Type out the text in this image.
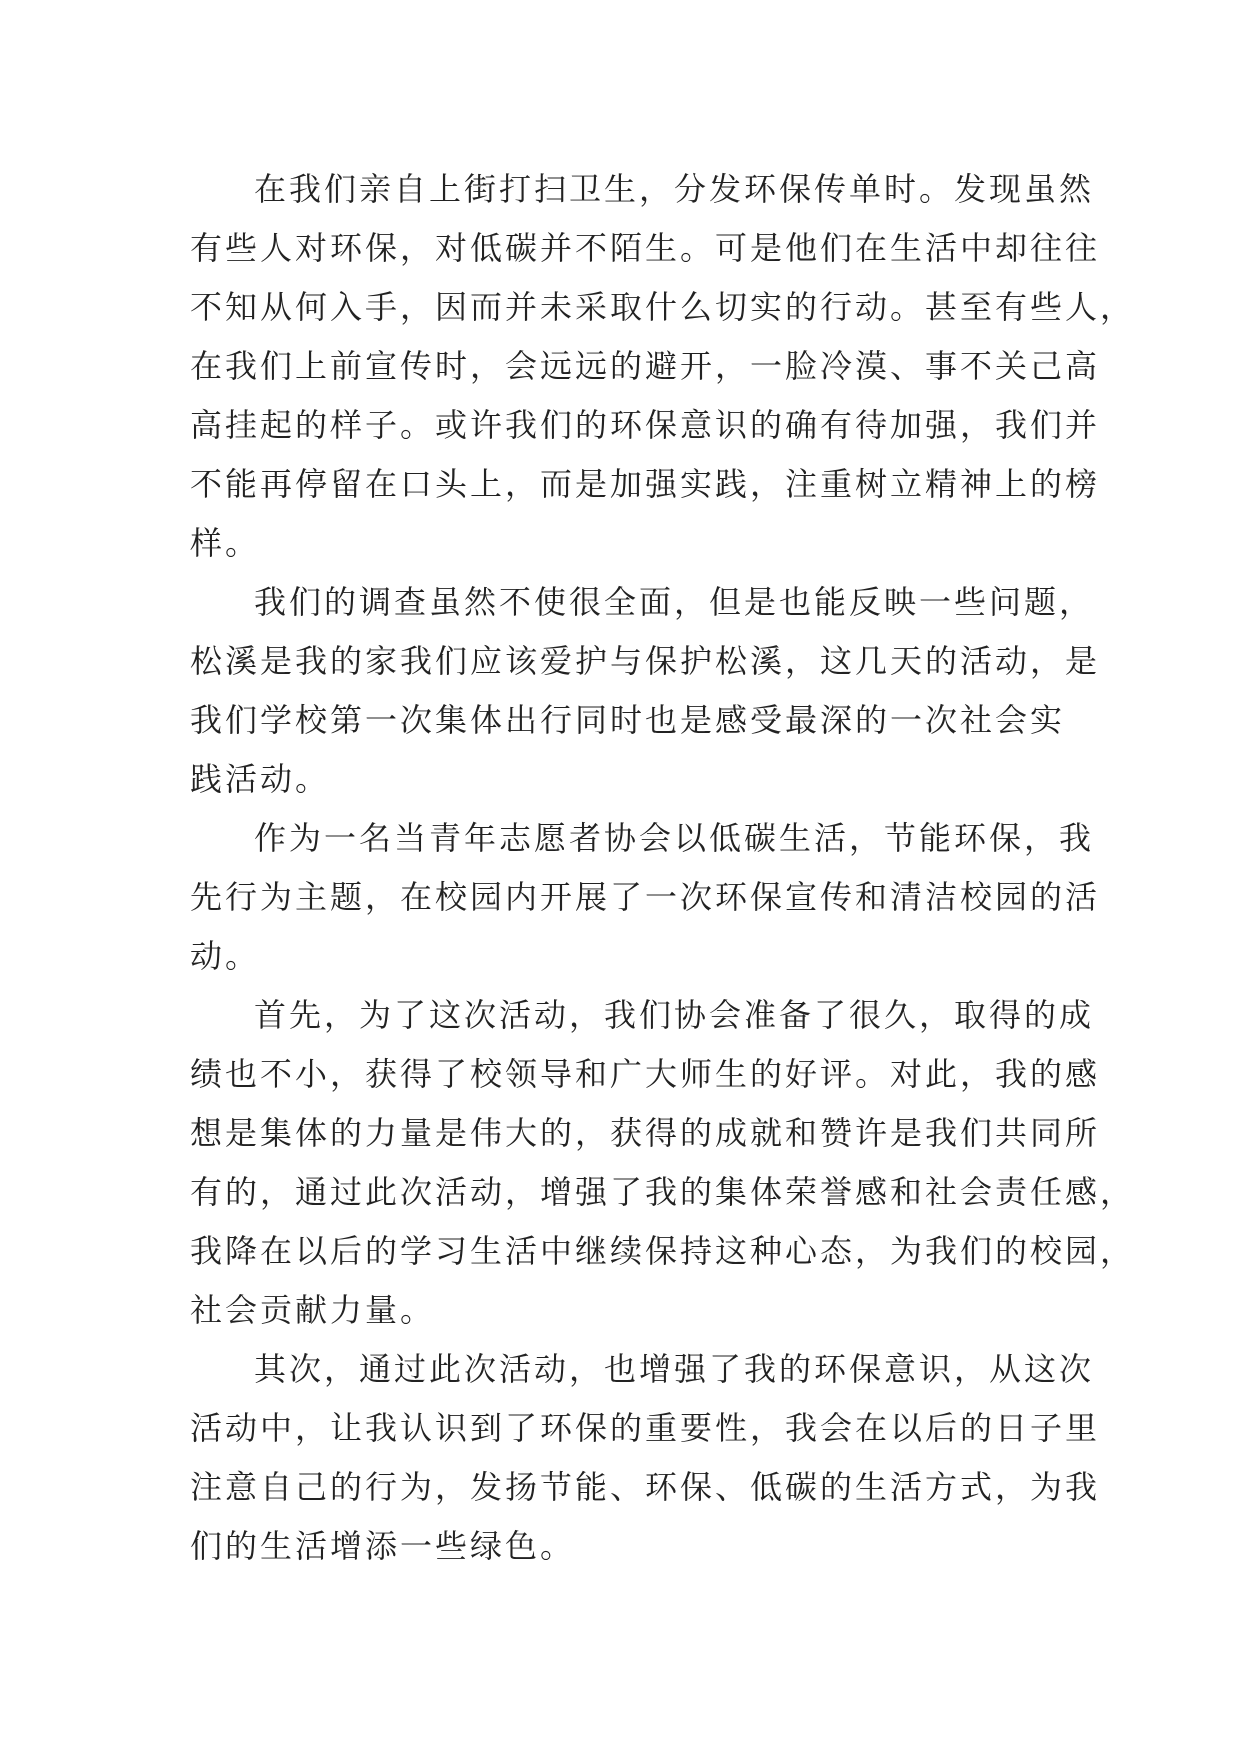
在我们亲自上街打扫卫生，分发环保传单时。发现虽然
有些人对环保，对低碳并不陌生。可是他们在生活中却往往
不知从何入手，因而并未采取什么切实的行动。甚至有些人，
在我们上前宣传时，会远远的避开，一脸冷漠、事不关己高
高挂起的样子。或许我们的环保意识的确有待加强，我们并
不能再停留在口头上，而是加强实践，注重树立精神上的榜
样。
我们的调查虽然不使很全面，但是也能反映一些问题，
松溪是我的家我们应该爱护与保护松溪，这几天的活动，是
我们学校第一次集体出行同时也是感受最深的一次社会实
践活动。
作为一名当青年志愿者协会以低碳生活，节能环保，我
先行为主题，在校园内开展了一次环保宣传和清洁校园的活
动。
首先，为了这次活动，我们协会准备了很久，取得的成
绩也不小，获得了校领导和广大师生的好评。对此，我的感
想是集体的力量是伟大的，获得的成就和赞许是我们共同所
有的，通过此次活动，增强了我的集体荣誉感和社会责任感，
我降在以后的学习生活中继续保持这种心态，为我们的校园，
社会贡献力量。
其次，通过此次活动，也增强了我的环保意识，从这次
活动中，让我认识到了环保的重要性，我会在以后的日子里
注意自己的行为，发扬节能、环保、低碳的生活方式，为我
们的生活增添一些绿色。
